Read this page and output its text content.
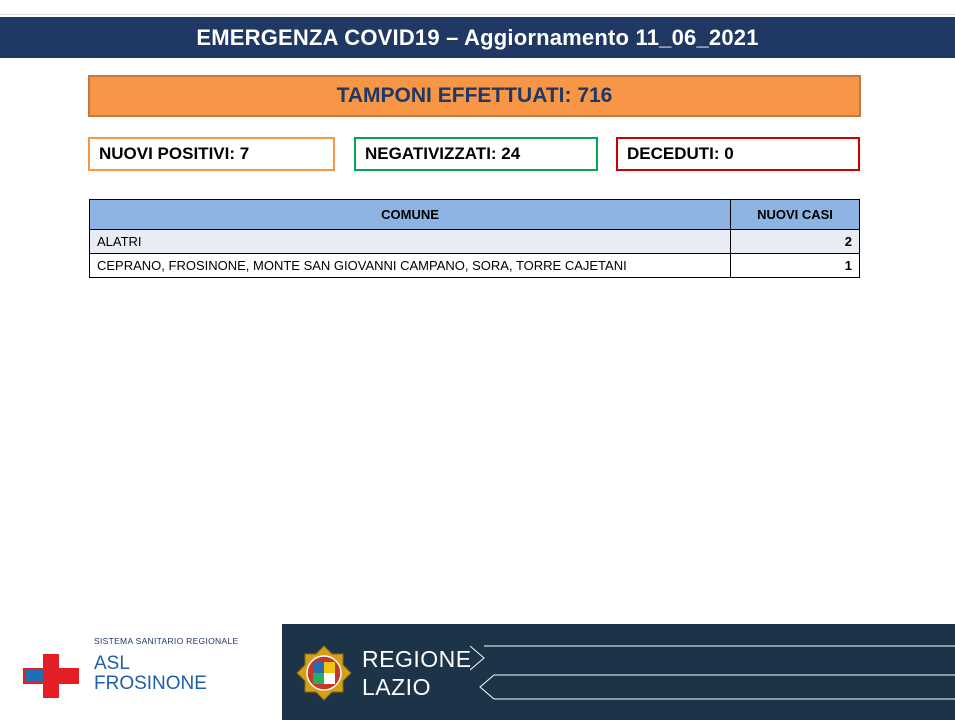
EMERGENZA COVID19 – Aggiornamento 11_06_2021
TAMPONI EFFETTUATI: 716
NUOVI POSITIVI: 7	NEGATIVIZZATI: 24	DECEDUTI: 0
COMUNE	NUOVI CASI
ALATRI	2
CEPRANO, FROSINONE, MONTE SAN GIOVANNI CAMPANO, SORA, TORRE CAJETANI	1
SISTEMA SANITARIO REGIONALE
ASL
FROSINONE
REGIONE
LAZIO
